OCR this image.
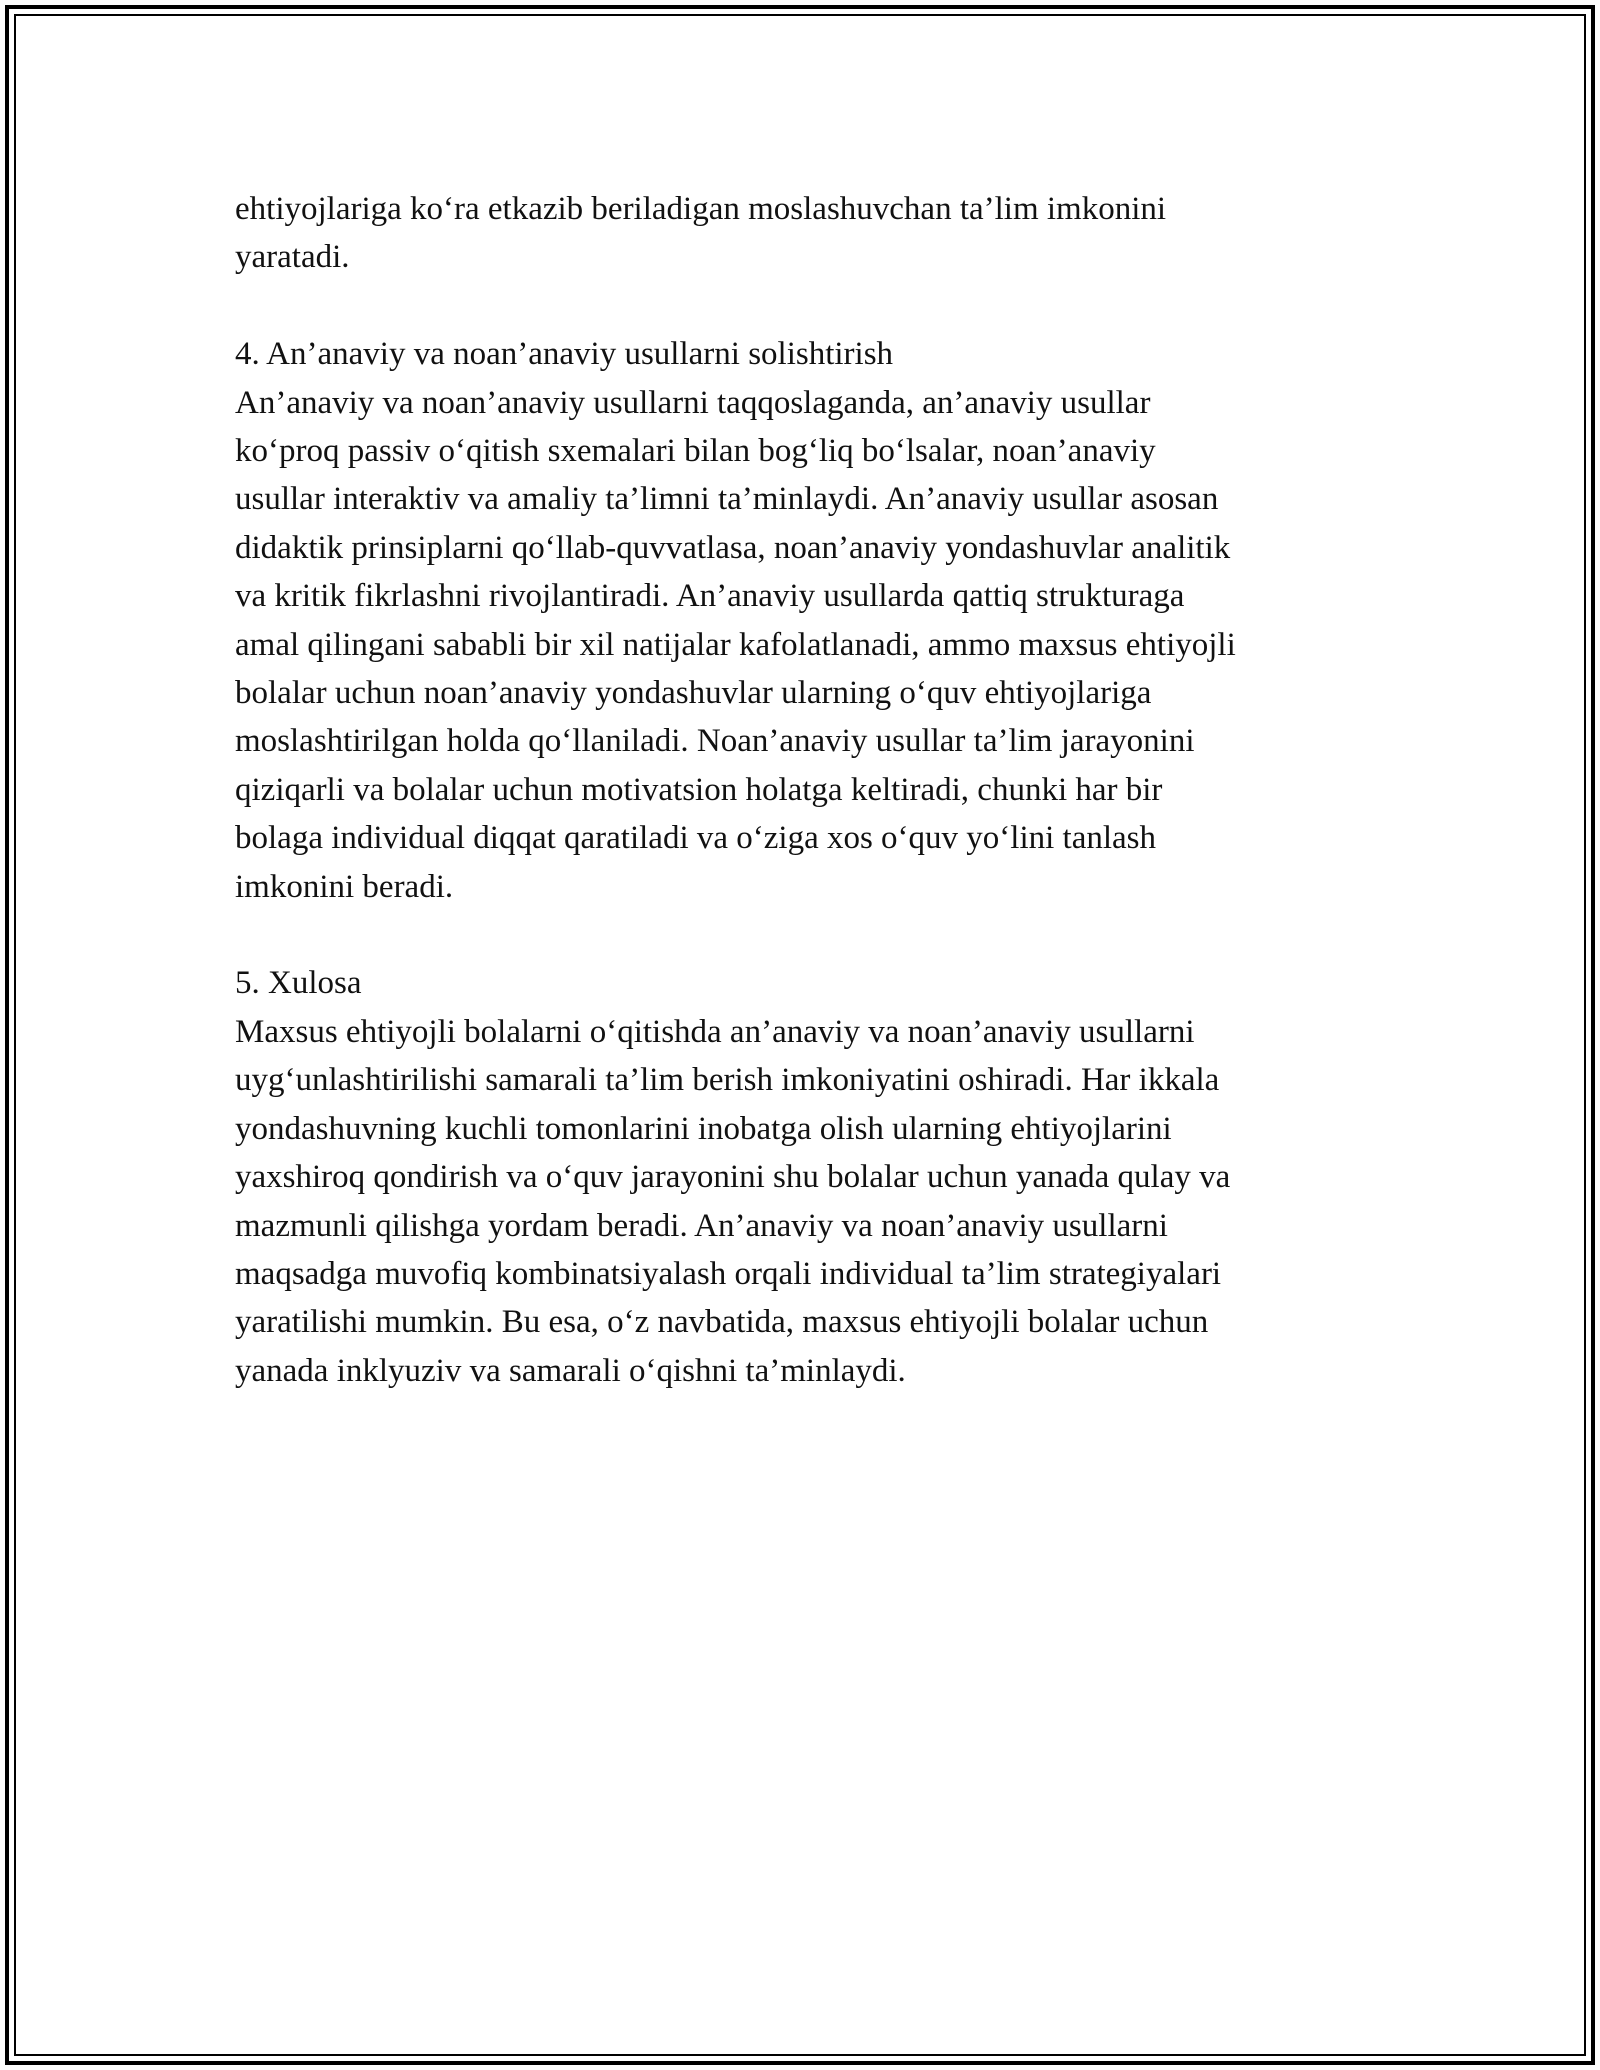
ehtiyojlariga ko‘ra etkazib beriladigan moslashuvchan ta’lim imkonini
yaratadi.

4. An’anaviy va noan’anaviy usullarni solishtirish

An’anaviy va noan’anaviy usullarni taqqoslaganda, an’anaviy usullar
ko‘proq passiv o‘qitish sxemalari bilan bog‘liq bo‘lsalar, noan’anaviy
usullar interaktiv va amaliy ta’limni ta’minlaydi. An’anaviy usullar asosan
didaktik prinsiplarni qo‘llab-quvvatlasa, noan’anaviy yondashuvlar analitik
va kritik fikrlashni rivojlantiradi. An’anaviy usullarda qattiq strukturaga
amal qilingani sababli bir xil natijalar kafolatlanadi, ammo maxsus ehtiyojli
bolalar uchun noan’anaviy yondashuvlar ularning o‘quv ehtiyojlariga
moslashtirilgan holda qo‘llaniladi. Noan’anaviy usullar ta’lim jarayonini
qiziqarli va bolalar uchun motivatsion holatga keltiradi, chunki har bir
bolaga individual diqqat qaratiladi va o‘ziga xos o‘quv yo‘lini tanlash
imkonini beradi.

5. Xulosa

Maxsus ehtiyojli bolalarni o‘qitishda an’anaviy va noan’anaviy usullarni
uyg‘unlashtirilishi samarali ta’lim berish imkoniyatini oshiradi. Har ikkala
yondashuvning kuchli tomonlarini inobatga olish ularning ehtiyojlarini
yaxshiroq qondirish va o‘quv jarayonini shu bolalar uchun yanada qulay va
mazmunli qilishga yordam beradi. An’anaviy va noan’anaviy usullarni
maqsadga muvofiq kombinatsiyalash orqali individual ta’lim strategiyalari
yaratilishi mumkin. Bu esa, o‘z navbatida, maxsus ehtiyojli bolalar uchun
yanada inklyuziv va samarali o‘qishni ta’minlaydi.
